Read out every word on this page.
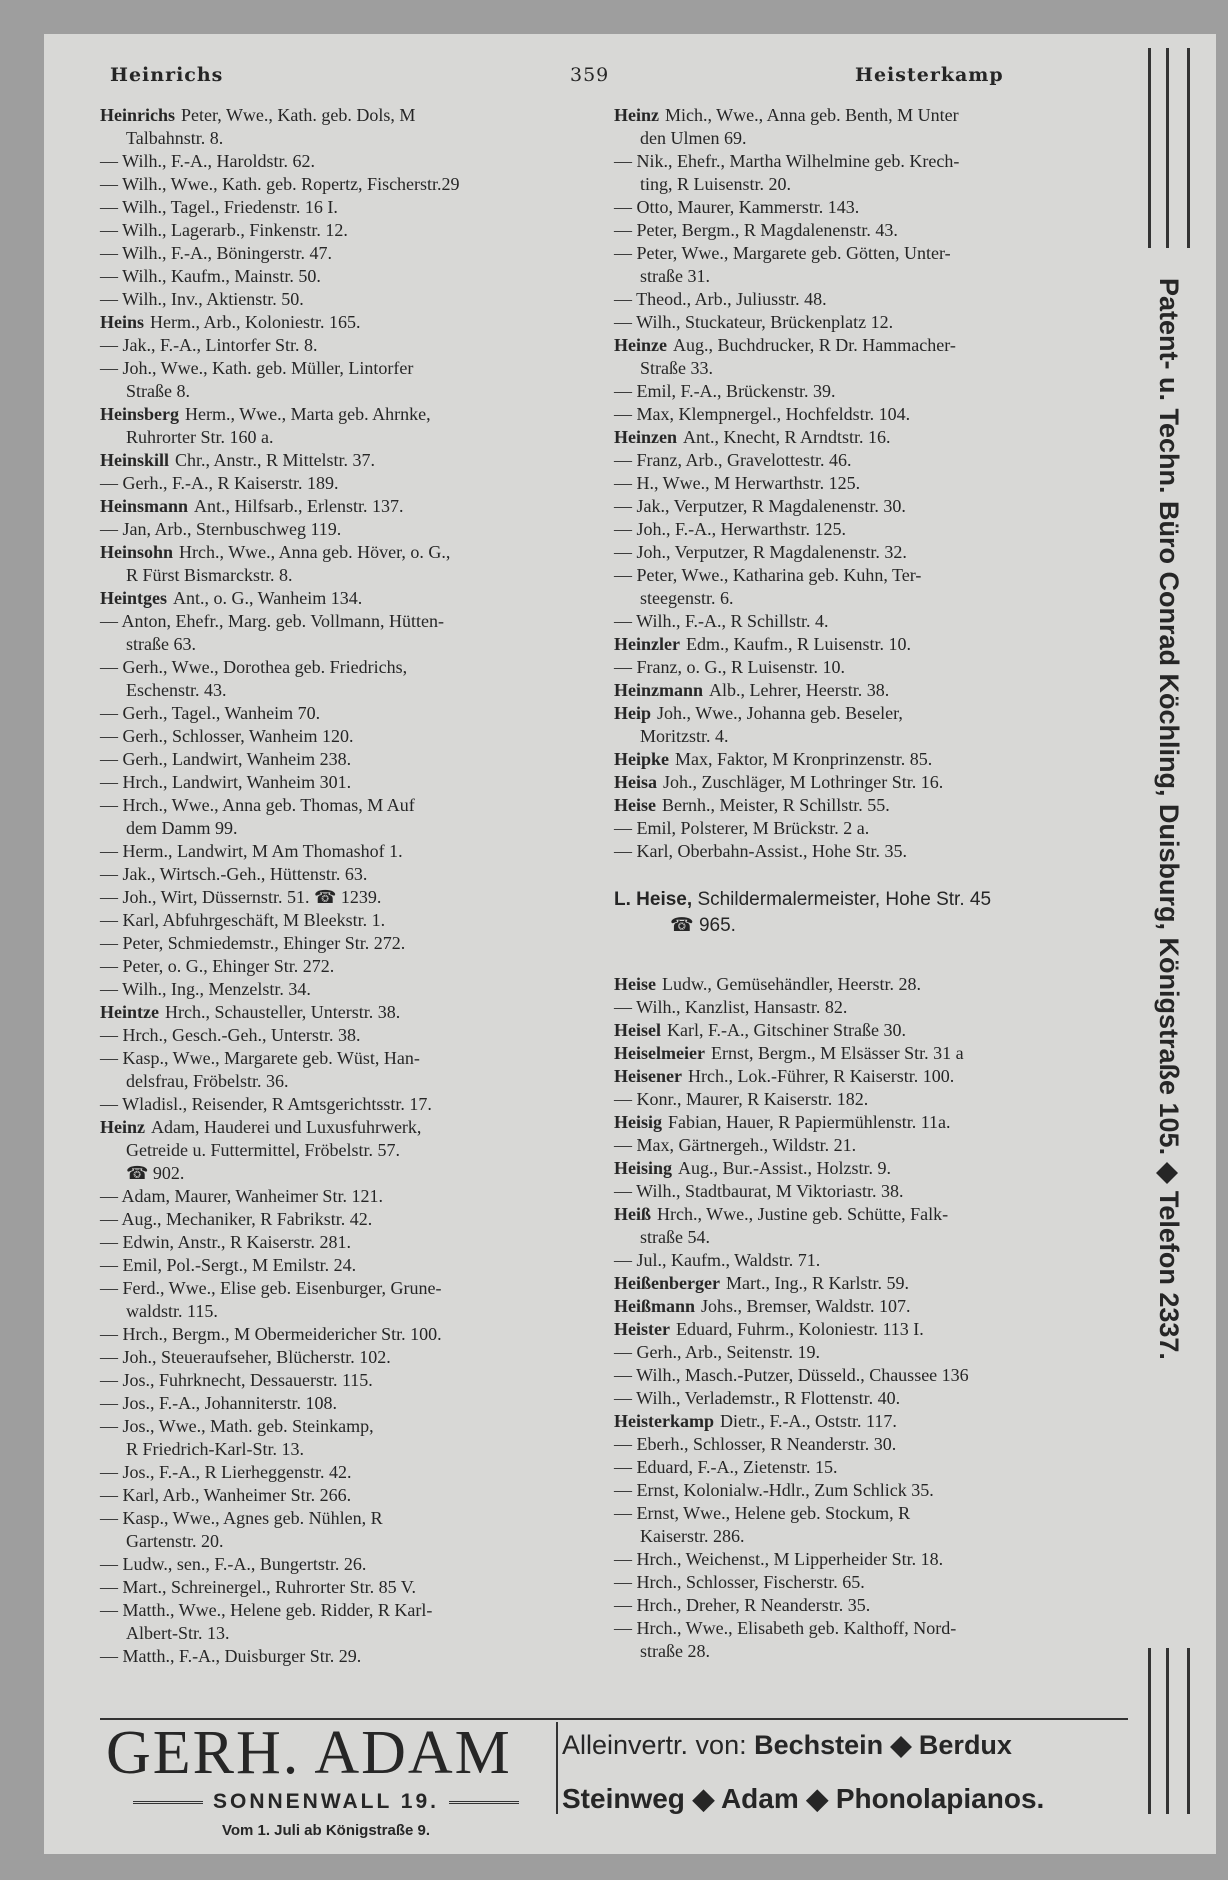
Heinrichs	359	Heisterkamp
Heinrichs Peter, Wwe., Kath. geb. Dols, M
Talbahnstr. 8.
— Wilh., F.-A., Haroldstr. 62.
— Wilh., Wwe., Kath. geb. Ropertz, Fischerstr.29
— Wilh., Tagel., Friedenstr. 16 I.
— Wilh., Lagerarb., Finkenstr. 12.
— Wilh., F.-A., Böningerstr. 47.
— Wilh., Kaufm., Mainstr. 50.
— Wilh., Inv., Aktienstr. 50.
Heins Herm., Arb., Koloniestr. 165.
— Jak., F.-A., Lintorfer Str. 8.
— Joh., Wwe., Kath. geb. Müller, Lintorfer
Straße 8.
Heinsberg Herm., Wwe., Marta geb. Ahrnke,
Ruhrorter Str. 160 a.
Heinskill Chr., Anstr., R Mittelstr. 37.
— Gerh., F.-A., R Kaiserstr. 189.
Heinsmann Ant., Hilfsarb., Erlenstr. 137.
— Jan, Arb., Sternbuschweg 119.
Heinsohn Hrch., Wwe., Anna geb. Höver, o. G.,
R Fürst Bismarckstr. 8.
Heintges Ant., o. G., Wanheim 134.
— Anton, Ehefr., Marg. geb. Vollmann, Hütten-
straße 63.
— Gerh., Wwe., Dorothea geb. Friedrichs,
Eschenstr. 43.
— Gerh., Tagel., Wanheim 70.
— Gerh., Schlosser, Wanheim 120.
— Gerh., Landwirt, Wanheim 238.
— Hrch., Landwirt, Wanheim 301.
— Hrch., Wwe., Anna geb. Thomas, M Auf
dem Damm 99.
— Herm., Landwirt, M Am Thomashof 1.
— Jak., Wirtsch.-Geh., Hüttenstr. 63.
— Joh., Wirt, Düssernstr. 51. ☎ 1239.
— Karl, Abfuhrgeschäft, M Bleekstr. 1.
— Peter, Schmiedemstr., Ehinger Str. 272.
— Peter, o. G., Ehinger Str. 272.
— Wilh., Ing., Menzelstr. 34.
Heintze Hrch., Schausteller, Unterstr. 38.
— Hrch., Gesch.-Geh., Unterstr. 38.
— Kasp., Wwe., Margarete geb. Wüst, Han-
delsfrau, Fröbelstr. 36.
— Wladisl., Reisender, R Amtsgerichtsstr. 17.
Heinz Adam, Hauderei und Luxusfuhrwerk,
Getreide u. Futtermittel, Fröbelstr. 57.
☎ 902.
— Adam, Maurer, Wanheimer Str. 121.
— Aug., Mechaniker, R Fabrikstr. 42.
— Edwin, Anstr., R Kaiserstr. 281.
— Emil, Pol.-Sergt., M Emilstr. 24.
— Ferd., Wwe., Elise geb. Eisenburger, Grune-
waldstr. 115.
— Hrch., Bergm., M Obermeidericher Str. 100.
— Joh., Steueraufseher, Blücherstr. 102.
— Jos., Fuhrknecht, Dessauerstr. 115.
— Jos., F.-A., Johanniterstr. 108.
— Jos., Wwe., Math. geb. Steinkamp,
R Friedrich-Karl-Str. 13.
— Jos., F.-A., R Lierheggenstr. 42.
— Karl, Arb., Wanheimer Str. 266.
— Kasp., Wwe., Agnes geb. Nühlen, R
Gartenstr. 20.
— Ludw., sen., F.-A., Bungertstr. 26.
— Mart., Schreinergel., Ruhrorter Str. 85 V.
— Matth., Wwe., Helene geb. Ridder, R Karl-
Albert-Str. 13.
— Matth., F.-A., Duisburger Str. 29.
Heinz Mich., Wwe., Anna geb. Benth, M Unter
den Ulmen 69.
— Nik., Ehefr., Martha Wilhelmine geb. Krech-
ting, R Luisenstr. 20.
— Otto, Maurer, Kammerstr. 143.
— Peter, Bergm., R Magdalenenstr. 43.
— Peter, Wwe., Margarete geb. Götten, Unter-
straße 31.
— Theod., Arb., Juliusstr. 48.
— Wilh., Stuckateur, Brückenplatz 12.
Heinze Aug., Buchdrucker, R Dr. Hammacher-
Straße 33.
— Emil, F.-A., Brückenstr. 39.
— Max, Klempnergel., Hochfeldstr. 104.
Heinzen Ant., Knecht, R Arndtstr. 16.
— Franz, Arb., Gravelottestr. 46.
— H., Wwe., M Herwarthstr. 125.
— Jak., Verputzer, R Magdalenenstr. 30.
— Joh., F.-A., Herwarthstr. 125.
— Joh., Verputzer, R Magdalenenstr. 32.
— Peter, Wwe., Katharina geb. Kuhn, Ter-
steegenstr. 6.
— Wilh., F.-A., R Schillstr. 4.
Heinzler Edm., Kaufm., R Luisenstr. 10.
— Franz, o. G., R Luisenstr. 10.
Heinzmann Alb., Lehrer, Heerstr. 38.
Heip Joh., Wwe., Johanna geb. Beseler,
Moritzstr. 4.
Heipke Max, Faktor, M Kronprinzenstr. 85.
Heisa Joh., Zuschläger, M Lothringer Str. 16.
Heise Bernh., Meister, R Schillstr. 55.
— Emil, Polsterer, M Brückstr. 2 a.
— Karl, Oberbahn-Assist., Hohe Str. 35.
L. Heise, Schildermalermeister, Hohe Str. 45
☎ 965.
Heise Ludw., Gemüsehändler, Heerstr. 28.
— Wilh., Kanzlist, Hansastr. 82.
Heisel Karl, F.-A., Gitschiner Straße 30.
Heiselmeier Ernst, Bergm., M Elsässer Str. 31 a
Heisener Hrch., Lok.-Führer, R Kaiserstr. 100.
— Konr., Maurer, R Kaiserstr. 182.
Heisig Fabian, Hauer, R Papiermühlenstr. 11a.
— Max, Gärtnergeh., Wildstr. 21.
Heising Aug., Bur.-Assist., Holzstr. 9.
— Wilh., Stadtbaurat, M Viktoriastr. 38.
Heiß Hrch., Wwe., Justine geb. Schütte, Falk-
straße 54.
— Jul., Kaufm., Waldstr. 71.
Heißenberger Mart., Ing., R Karlstr. 59.
Heißmann Johs., Bremser, Waldstr. 107.
Heister Eduard, Fuhrm., Koloniestr. 113 I.
— Gerh., Arb., Seitenstr. 19.
— Wilh., Masch.-Putzer, Düsseld., Chaussee 136
— Wilh., Verlademstr., R Flottenstr. 40.
Heisterkamp Dietr., F.-A., Oststr. 117.
— Eberh., Schlosser, R Neanderstr. 30.
— Eduard, F.-A., Zietenstr. 15.
— Ernst, Kolonialw.-Hdlr., Zum Schlick 35.
— Ernst, Wwe., Helene geb. Stockum, R
Kaiserstr. 286.
— Hrch., Weichenst., M Lipperheider Str. 18.
— Hrch., Schlosser, Fischerstr. 65.
— Hrch., Dreher, R Neanderstr. 35.
— Hrch., Wwe., Elisabeth geb. Kalthoff, Nord-
straße 28.
GERH. ADAM
SONNENWALL 19.
Vom 1. Juli ab Königstraße 9.
Alleinvertr. von: Bechstein ◆ Berdux
Steinweg ◆ Adam ◆ Phonolapianos.
Patent- u. Techn. Büro Conrad Köchling, Duisburg, Königstraße 105. ◆ Telefon 2337.
